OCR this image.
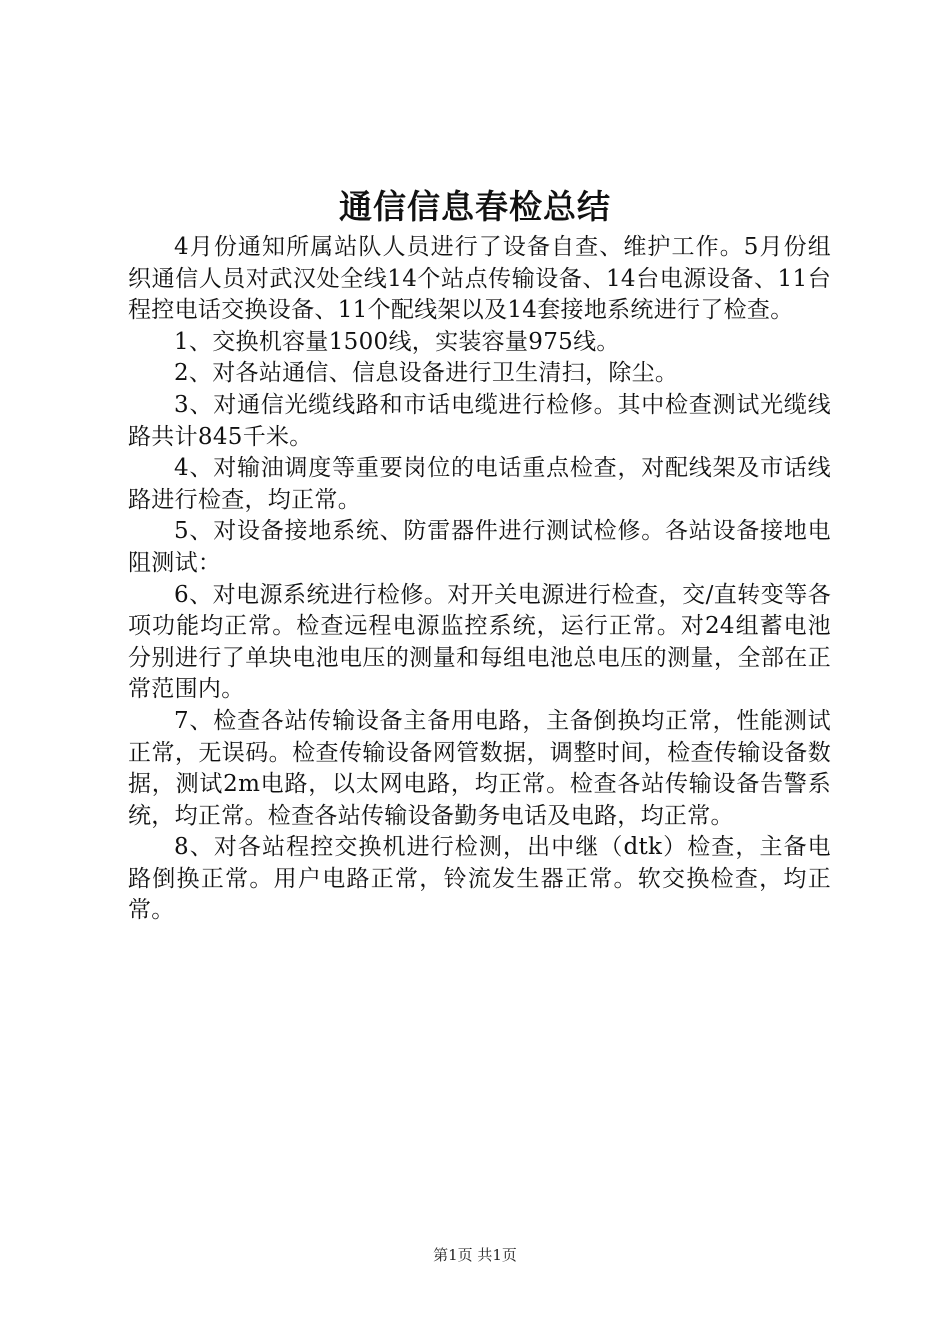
通信信息春检总结

4月份通知所属站队人员进行了设备自查、维护工作。5月份组织通信人员对武汉处全线14个站点传输设备、14台电源设备、11台程控电话交换设备、11个配线架以及14套接地系统进行了检查。

1、交换机容量1500线，实装容量975线。

2、对各站通信、信息设备进行卫生清扫，除尘。

3、对通信光缆线路和市话电缆进行检修。其中检查测试光缆线路共计845千米。

4、对输油调度等重要岗位的电话重点检查，对配线架及市话线路进行检查，均正常。

5、对设备接地系统、防雷器件进行测试检修。各站设备接地电阻测试：

6、对电源系统进行检修。对开关电源进行检查，交/直转变等各项功能均正常。检查远程电源监控系统，运行正常。对24组蓄电池分别进行了单块电池电压的测量和每组电池总电压的测量，全部在正常范围内。

7、检查各站传输设备主备用电路，主备倒换均正常，性能测试正常，无误码。检查传输设备网管数据，调整时间，检查传输设备数据，测试2m电路，以太网电路，均正常。检查各站传输设备告警系统，均正常。检查各站传输设备勤务电话及电路，均正常。

8、对各站程控交换机进行检测，出中继（dtk）检查，主备电路倒换正常。用户电路正常，铃流发生器正常。软交换检查，均正常。

第1页 共1页
